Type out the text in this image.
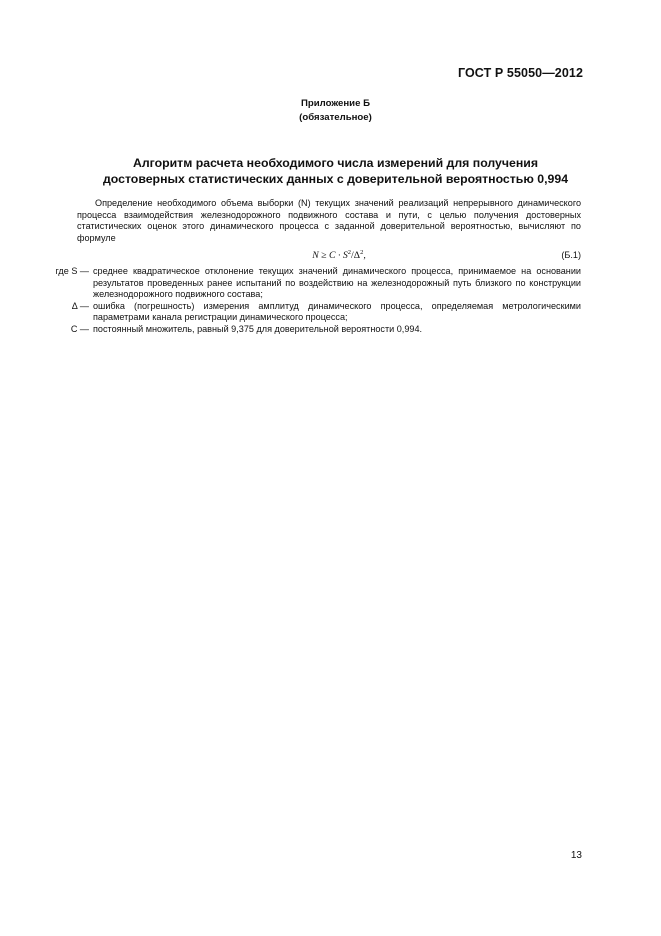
ГОСТ Р 55050—2012
Приложение Б
(обязательное)
Алгоритм расчета необходимого числа измерений для получения
достоверных статистических данных с доверительной вероятностью 0,994

Определение необходимого объема выборки (N) текущих значений реализаций непрерывного динамического процесса взаимодействия железнодорожного подвижного состава и пути, с целью получения достоверных статистических оценок этого динамического процесса с заданной доверительной вероятностью, вычисляют по формуле

$N \ge C \cdot S^2/\Delta^2$,	(Б.1)
где S — среднее квадратическое отклонение текущих значений динамического процесса, принимаемое на основании результатов проведенных ранее испытаний по воздействию на железнодорожный путь близкого по конструкции железнодорожного подвижного состава;
Δ — ошибка (погрешность) измерения амплитуд динамического процесса, определяемая метрологическими параметрами канала регистрации динамического процесса;
C — постоянный множитель, равный 9,375 для доверительной вероятности 0,994.
13
